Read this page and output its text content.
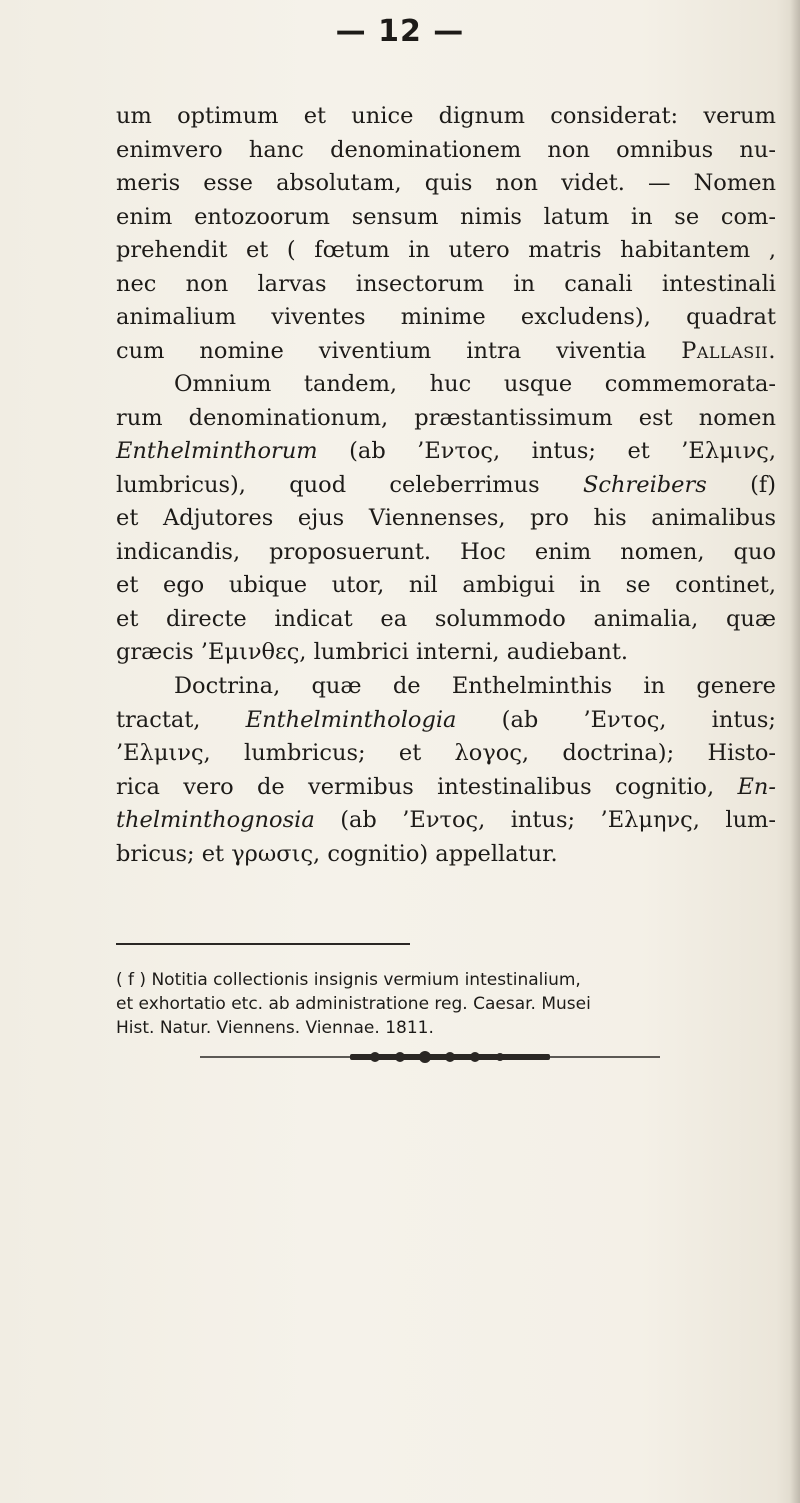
— 12 —
um optimum et unice dignum considerat: verum
enimvero hanc denominationem non omnibus nu-
meris esse absolutam, quis non videt. — Nomen
enim entozoorum sensum nimis latum in se com-
prehendit et ( fœtum in utero matris habitantem ,
nec non larvas insectorum in canali intestinali
animalium viventes minime excludens), quadrat
cum nomine viventium intra viventia Pallasii.
Omnium tandem, huc usque commemorata-
rum denominationum, præstantissimum est nomen
Enthelminthorum (ab ’Εντος, intus; et ’Ελμινς,
lumbricus), quod celeberrimus Schreibers (f)
et Adjutores ejus Viennenses, pro his animalibus
indicandis, proposuerunt. Hoc enim nomen, quo
et ego ubique utor, nil ambigui in se continet,
et directe indicat ea solummodo animalia, quæ
græcis ’Εμινθες, lumbrici interni, audiebant.
Doctrina, quæ de Enthelminthis in genere
tractat, Enthelminthologia (ab ’Εντος, intus;
’Ελμινς, lumbricus; et λογος, doctrina); Histo-
rica vero de vermibus intestinalibus cognitio, En-
thelminthognosia (ab ’Εντος, intus; ’Ελμηνς, lum-
bricus; et γρωσις, cognitio) appellatur.
( f ) Notitia collectionis insignis vermium intestinalium,
et exhortatio etc. ab administratione reg. Caesar. Musei
Hist. Natur. Viennens. Viennae. 1811.
